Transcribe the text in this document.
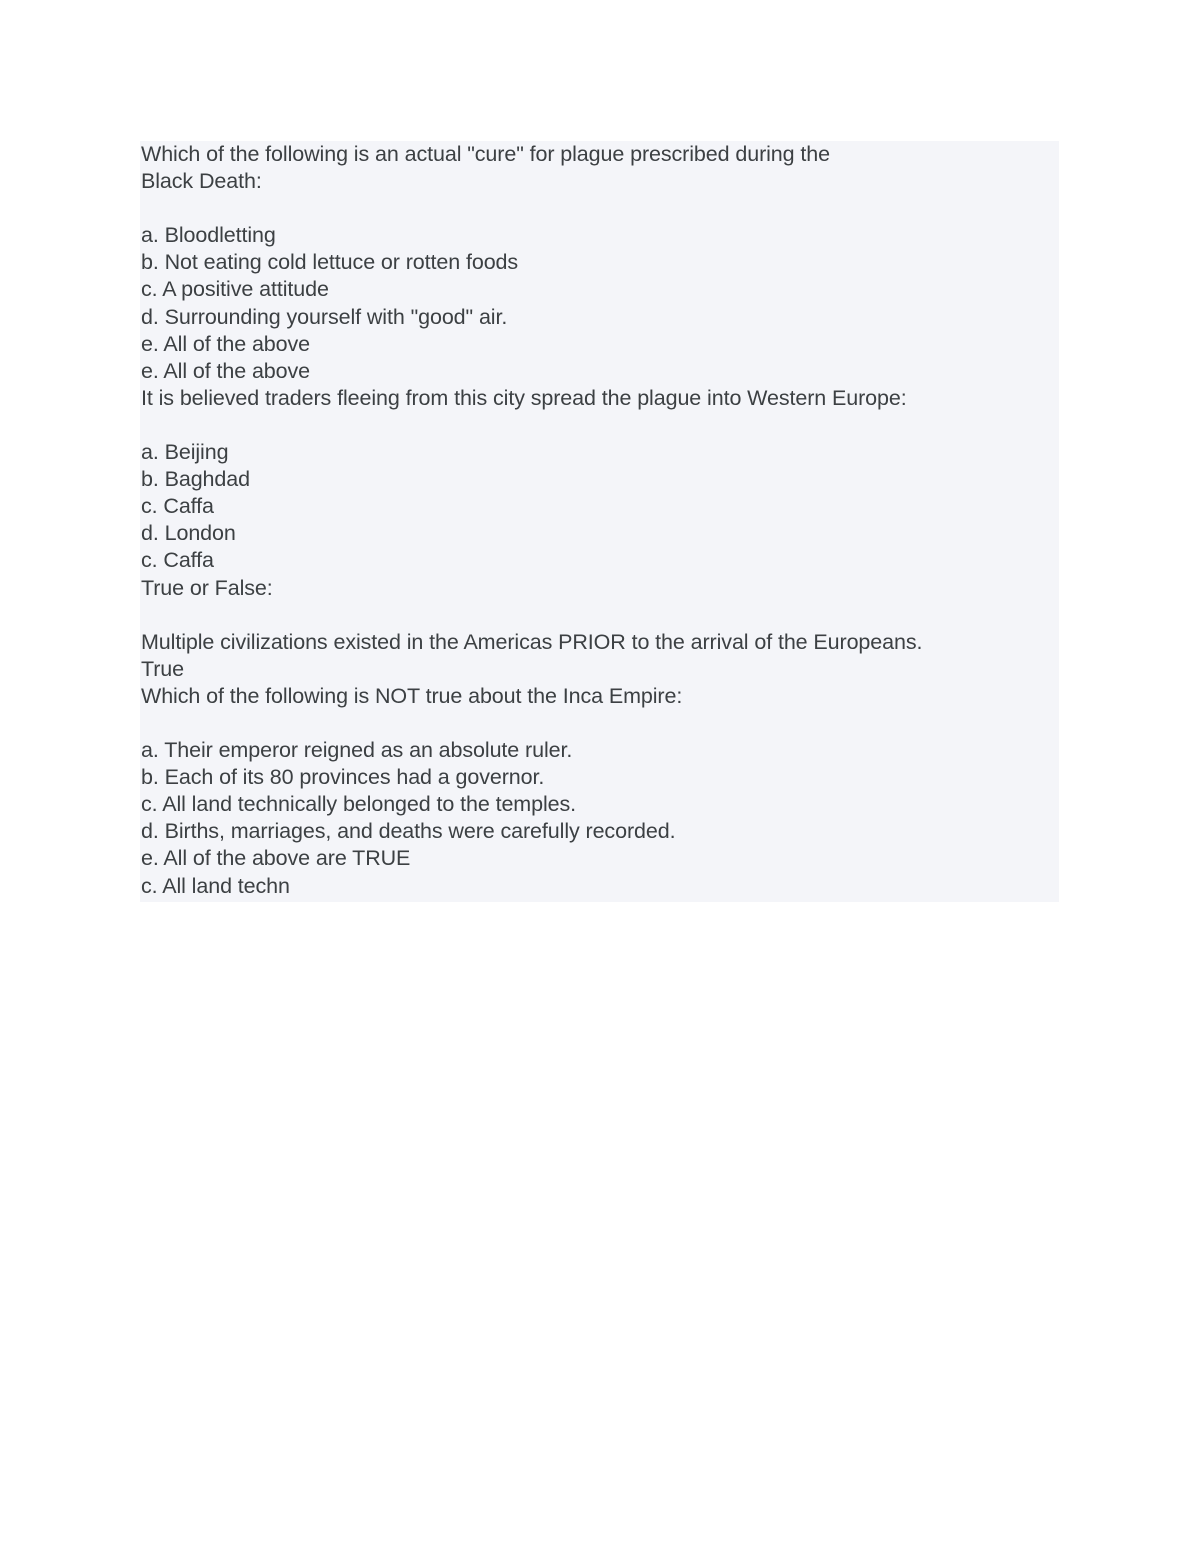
Which of the following is an actual "cure" for plague prescribed during the
Black Death:
a. Bloodletting
b. Not eating cold lettuce or rotten foods
c. A positive attitude
d. Surrounding yourself with "good" air.
e. All of the above
e. All of the above
It is believed traders fleeing from this city spread the plague into Western Europe:
a. Beijing
b. Baghdad
c. Caffa
d. London
c. Caffa
True or False:
Multiple civilizations existed in the Americas PRIOR to the arrival of the Europeans.
True
Which of the following is NOT true about the Inca Empire:
a. Their emperor reigned as an absolute ruler.
b. Each of its 80 provinces had a governor.
c. All land technically belonged to the temples.
d. Births, marriages, and deaths were carefully recorded.
e. All of the above are TRUE
c. All land techn
